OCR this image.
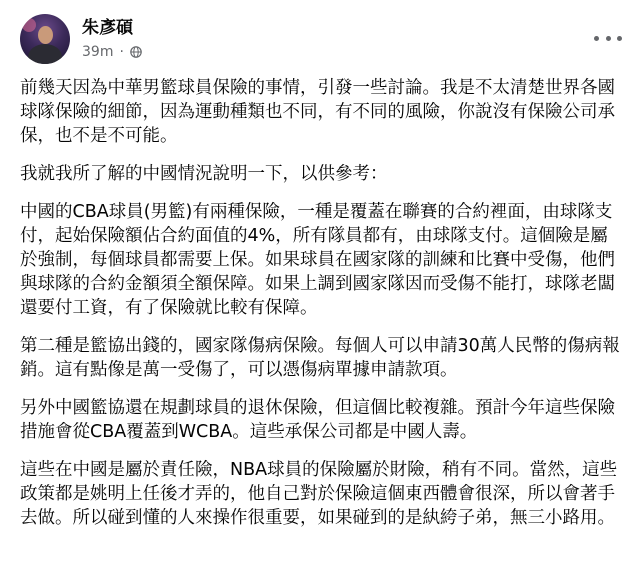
朱彥碩
39m ·

前幾天因為中華男籃球員保險的事情，引發一些討論。我是不太清楚世界各國球隊保險的細節，因為運動種類也不同，有不同的風險，你說沒有保險公司承保，也不是不可能。

我就我所了解的中國情況說明一下，以供參考：

中國的CBA球員(男籃)有兩種保險，一種是覆蓋在聯賽的合約裡面，由球隊支付，起始保險額佔合約面值的4%，所有隊員都有，由球隊支付。這個險是屬於強制，每個球員都需要上保。如果球員在國家隊的訓練和比賽中受傷，他們與球隊的合約金額須全額保障。如果上調到國家隊因而受傷不能打，球隊老闆還要付工資，有了保險就比較有保障。

第二種是籃協出錢的，國家隊傷病保險。每個人可以申請30萬人民幣的傷病報銷。這有點像是萬一受傷了，可以憑傷病單據申請款項。

另外中國籃協還在規劃球員的退休保險，但這個比較複雜。預計今年這些保險措施會從CBA覆蓋到WCBA。這些承保公司都是中國人壽。

這些在中國是屬於責任險，NBA球員的保險屬於財險，稍有不同。當然，這些政策都是姚明上任後才弄的，他自己對於保險這個東西體會很深，所以會著手去做。所以碰到懂的人來操作很重要，如果碰到的是紈絝子弟，無三小路用。
